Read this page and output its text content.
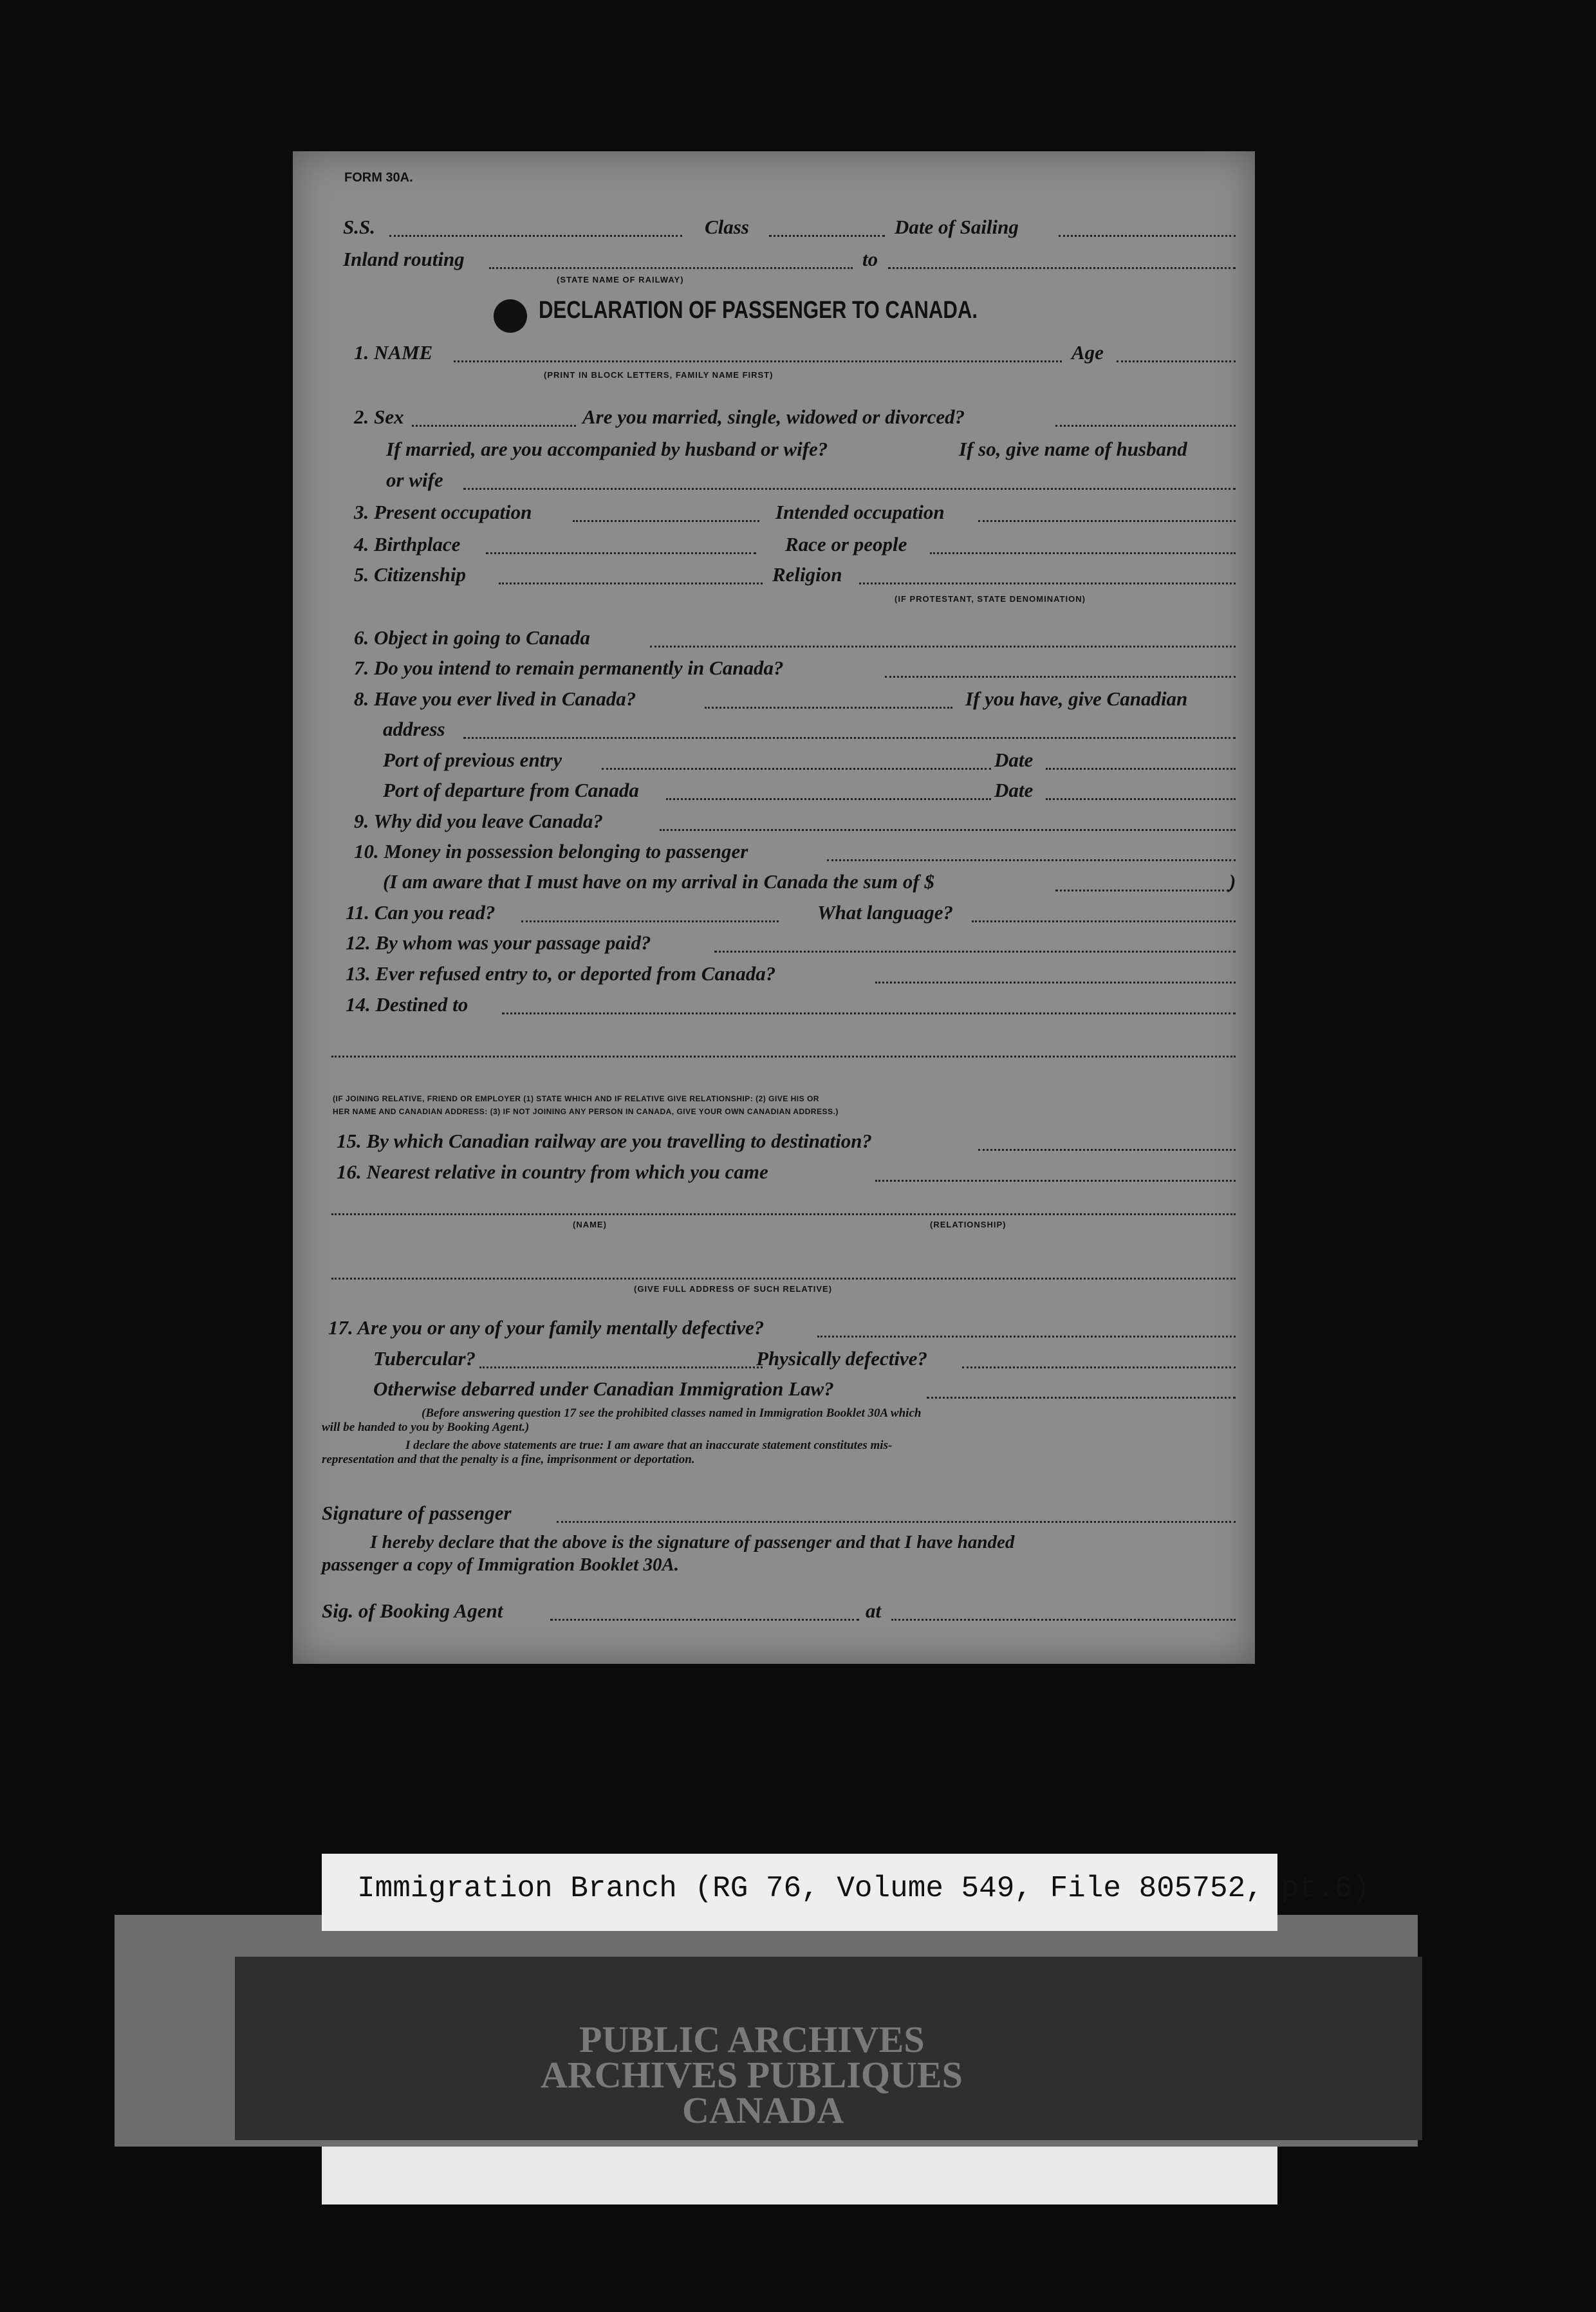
FORM 30A.
S.S.	Class	Date of Sailing
Inland routing	to
(STATE NAME OF RAILWAY)
DECLARATION OF PASSENGER TO CANADA.
1. NAME	Age
(PRINT IN BLOCK LETTERS, FAMILY NAME FIRST)
2. Sex	Are you married, single, widowed or divorced?
If married, are you accompanied by husband or wife?	If so, give name of husband
or wife
3. Present occupation	Intended occupation
4. Birthplace	Race or people
5. Citizenship	Religion
(IF PROTESTANT, STATE DENOMINATION)
6. Object in going to Canada
7. Do you intend to remain permanently in Canada?
8. Have you ever lived in Canada?	If you have, give Canadian
address
Port of previous entry	Date
Port of departure from Canada	Date
9. Why did you leave Canada?
10. Money in possession belonging to passenger
(I am aware that I must have on my arrival in Canada the sum of $	)
11. Can you read?	What language?
12. By whom was your passage paid?
13. Ever refused entry to, or deported from Canada?
14. Destined to
(IF JOINING RELATIVE, FRIEND OR EMPLOYER (1) STATE WHICH AND IF RELATIVE GIVE RELATIONSHIP: (2) GIVE HIS OR
HER NAME AND CANADIAN ADDRESS: (3) IF NOT JOINING ANY PERSON IN CANADA, GIVE YOUR OWN CANADIAN ADDRESS.)
15. By which Canadian railway are you travelling to destination?
16. Nearest relative in country from which you came
(NAME)	(RELATIONSHIP)
(GIVE FULL ADDRESS OF SUCH RELATIVE)
17. Are you or any of your family mentally defective?
Tubercular?	Physically defective?
Otherwise debarred under Canadian Immigration Law?
(Before answering question 17 see the prohibited classes named in Immigration Booklet 30A which
will be handed to you by Booking Agent.)
I declare the above statements are true: I am aware that an inaccurate statement constitutes mis-
representation and that the penalty is a fine, imprisonment or deportation.
Signature of passenger
I hereby declare that the above is the signature of passenger and that I have handed
passenger a copy of Immigration Booklet 30A.
Sig. of Booking Agent	at
Immigration Branch (RG 76, Volume 549, File 805752, pt.6)
PUBLIC ARCHIVES
ARCHIVES PUBLIQUES
CANADA
